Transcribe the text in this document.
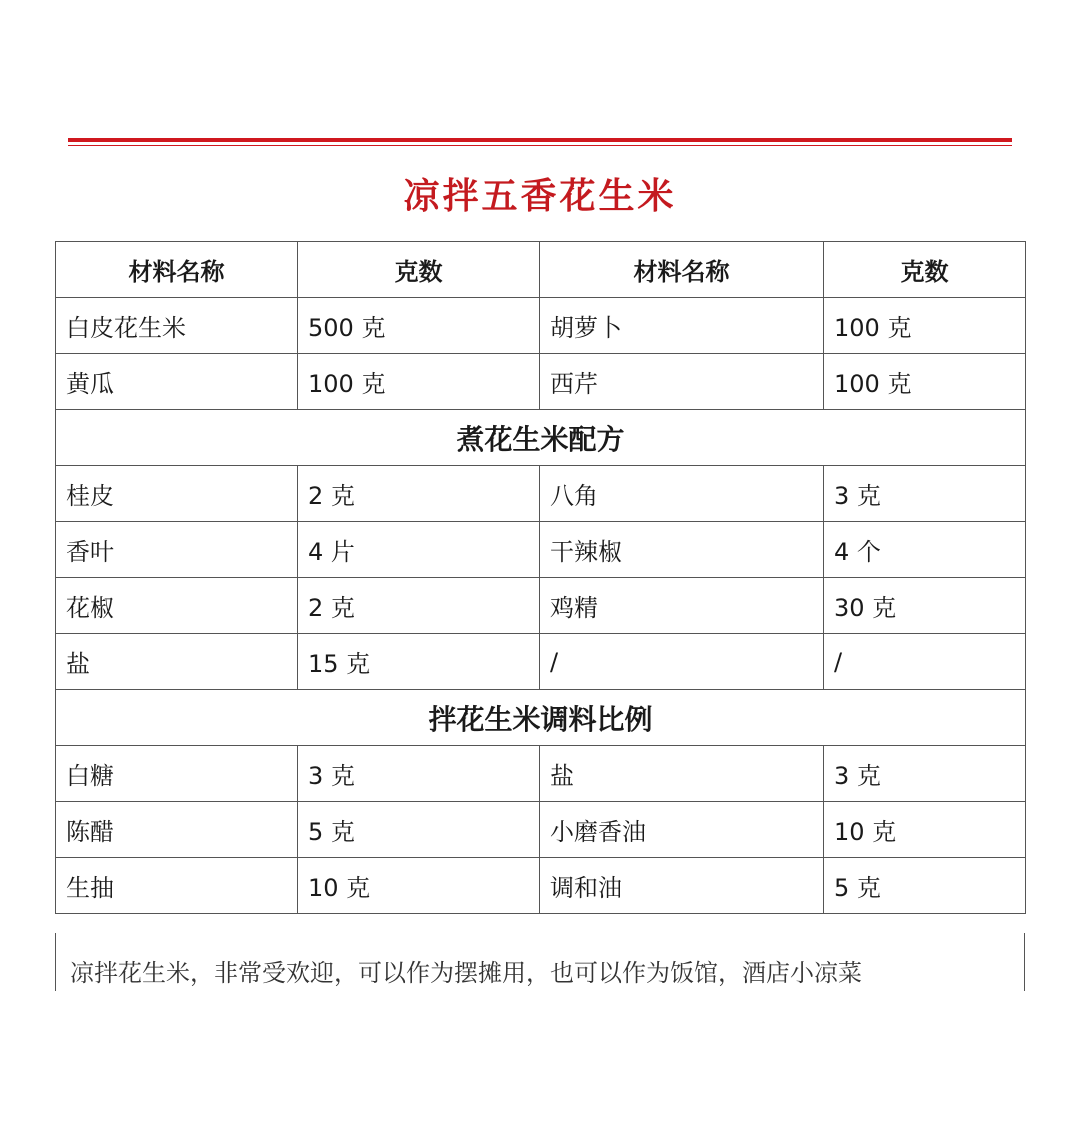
凉拌五香花生米
材料名称	克数	材料名称	克数
白皮花生米	500 克	胡萝卜	100 克
黄瓜	100 克	西芹	100 克
煮花生米配方			
桂皮	2 克	八角	3 克
香叶	4 片	干辣椒	4 个
花椒	2 克	鸡精	30 克
盐	15 克	/	/
拌花生米调料比例			
白糖	3 克	盐	3 克
陈醋	5 克	小磨香油	10 克
生抽	10 克	调和油	5 克
凉拌花生米，非常受欢迎，可以作为摆摊用，也可以作为饭馆，酒店小凉菜
